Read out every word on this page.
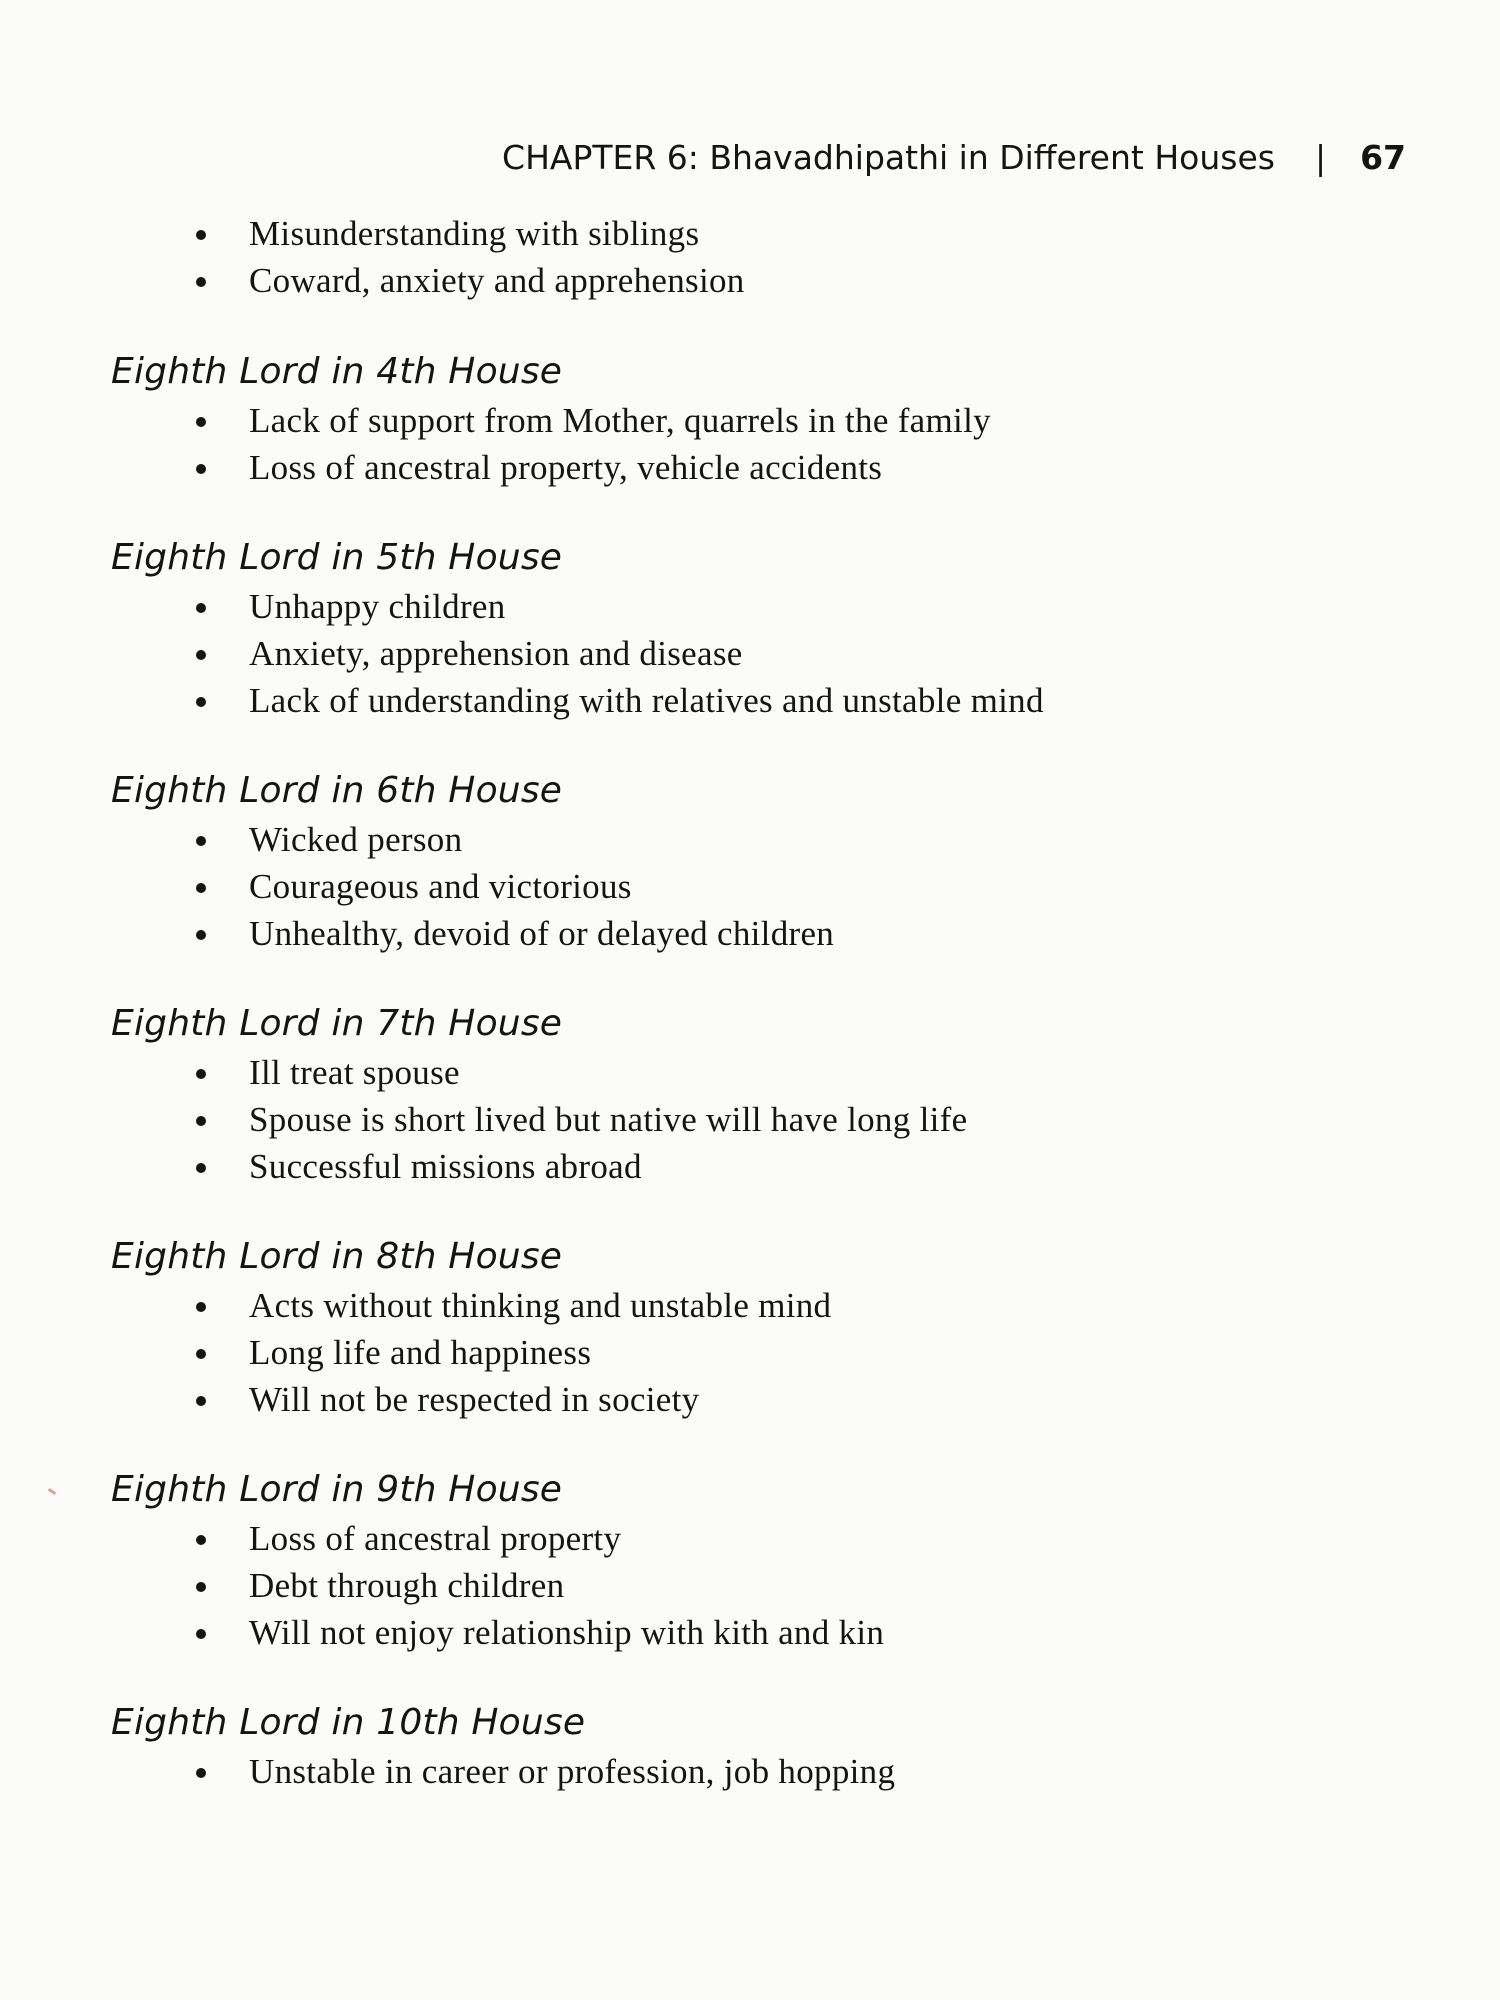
CHAPTER 6: Bhavadhipathi in Different Houses | 67
Misunderstanding with siblings
Coward, anxiety and apprehension
Eighth Lord in 4th House
Lack of support from Mother, quarrels in the family
Loss of ancestral property, vehicle accidents
Eighth Lord in 5th House
Unhappy children
Anxiety, apprehension and disease
Lack of understanding with relatives and unstable mind
Eighth Lord in 6th House
Wicked person
Courageous and victorious
Unhealthy, devoid of or delayed children
Eighth Lord in 7th House
Ill treat spouse
Spouse is short lived but native will have long life
Successful missions abroad
Eighth Lord in 8th House
Acts without thinking and unstable mind
Long life and happiness
Will not be respected in society
Eighth Lord in 9th House
Loss of ancestral property
Debt through children
Will not enjoy relationship with kith and kin
Eighth Lord in 10th House
Unstable in career or profession, job hopping
